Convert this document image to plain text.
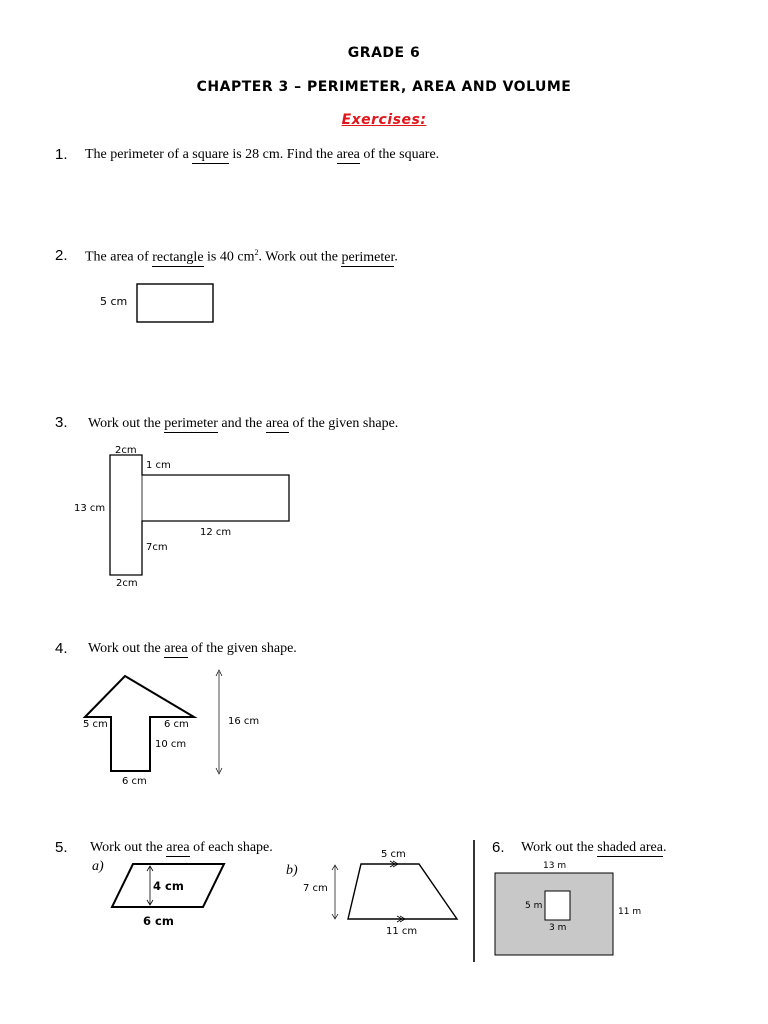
GRADE 6
CHAPTER 3 – PERIMETER, AREA AND VOLUME
Exercises:
1. The perimeter of a square is 28 cm. Find the area of the square.
2. The area of rectangle is 40 $cm^2$. Work out the perimeter.
3. Work out the perimeter and the area of the given shape.
4. Work out the area of the given shape.
5. Work out the area of each shape.	6. Work out the shaded area.
5 cm
2cm
1 cm
13 cm
12 cm
7cm
2cm
5 cm	6 cm
10 cm
6 cm
16 cm
a)	b)
4 cm
6 cm
5 cm
7 cm
11 cm
13 m
11 m
5 m
3 m
